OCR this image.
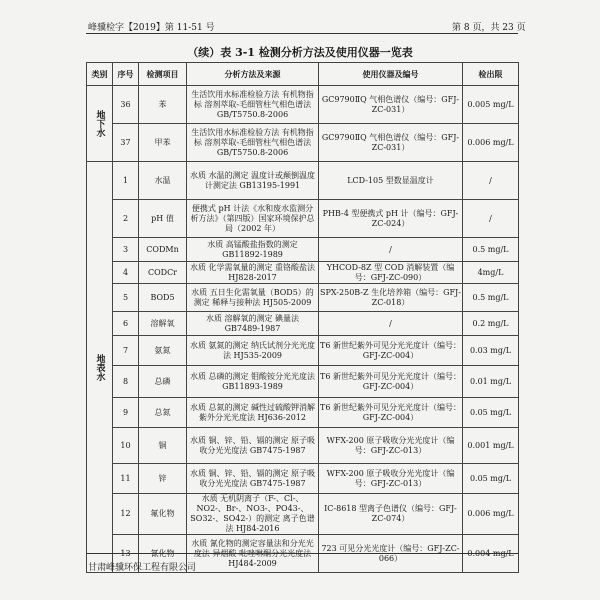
峰骥检字【2019】第 11-51 号	第 8 页，共 23 页
（续）表 3-1 检测分析方法及使用仪器一览表
类别	序号	检测项目	分析方法及来源	使用仪器及编号	检出限
地下水	36	苯	生活饮用水标准检验方法 有机物指标 溶剂萃取-毛细管柱气相色谱法 GB/T5750.8-2006	GC9790ⅡQ 气相色谱仪（编号：GFJ-ZC-031）	0.005 mg/L
	37	甲苯	生活饮用水标准检验方法 有机物指标 溶剂萃取-毛细管柱气相色谱法 GB/T5750.8-2006	GC9790ⅡQ 气相色谱仪（编号：GFJ-ZC-031）	0.006 mg/L
地表水	1	水温	水质 水温的测定 温度计或颠倒温度计测定法 GB13195-1991	LCD-105 型数显温度计	/
	2	pH 值	便携式 pH 计法《水和废水监测分析方法》（第四版）国家环境保护总局（2002 年）	PHB-4 型便携式 pH 计（编号：GFJ-ZC-024）	/
	3	CODMn	水质 高锰酸盐指数的测定 GB11892-1989	/	0.5 mg/L
	4	CODCr	水质 化学需氧量的测定 重铬酸盐法 HJ828-2017	YHCOD-8Z 型 COD 消解装置（编号：GFJ-ZC-090）	4mg/L
	5	BOD5	水质 五日生化需氧量（BOD5）的测定 稀释与接种法 HJ505-2009	SPX-250B-Z 生化培养箱（编号：GFJ-ZC-018）	0.5 mg/L
	6	溶解氧	水质 溶解氧的测定 碘量法 GB7489-1987	/	0.2 mg/L
	7	氨氮	水质 氨氮的测定 纳氏试剂分光光度法 HJ535-2009	T6 新世纪紫外可见分光光度计（编号：GFJ-ZC-004）	0.03 mg/L
	8	总磷	水质 总磷的测定 钼酸铵分光光度法 GB11893-1989	T6 新世纪紫外可见分光光度计（编号：GFJ-ZC-004）	0.01 mg/L
	9	总氮	水质 总氮的测定 碱性过硫酸钾消解紫外分光光度法 HJ636-2012	T6 新世纪紫外可见分光光度计（编号：GFJ-ZC-004）	0.05 mg/L
	10	铜	水质 铜、锌、铅、镉的测定 原子吸收分光光度法 GB7475-1987	WFX-200 原子吸收分光光度计（编号：GFJ-ZC-013）	0.001 mg/L
	11	锌	水质 铜、锌、铅、镉的测定 原子吸收分光光度法 GB7475-1987	WFX-200 原子吸收分光光度计（编号：GFJ-ZC-013）	0.05 mg/L
	12	氟化物	水质 无机阴离子（F-、Cl-、NO2-、Br-、NO3-、PO43-、SO32-、SO42-）的测定 离子色谱法 HJ84-2016	IC-8618 型离子色谱仪（编号：GFJ-ZC-074）	0.006 mg/L
	13	氰化物	水质 氰化物的测定容量法和分光光度法 异烟酸-吡唑啉酮分光光度法 HJ484-2009	723 可见分光光度计（编号：GFJ-ZC-066）	0.004 mg/L
甘肃峰骥环保工程有限公司
